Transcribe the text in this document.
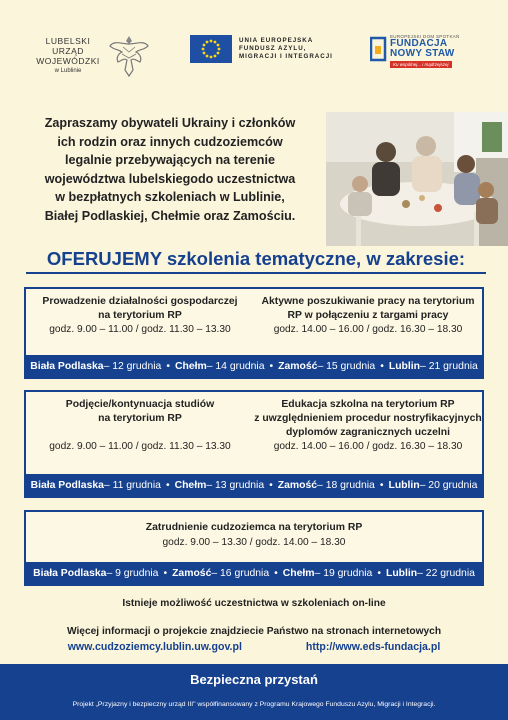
LUBELSKI
URZĄD
WOJEWÓDZKI
w Lublinie
UNIA EUROPEJSKA
FUNDUSZ AZYLU,
MIGRACJI I INTEGRACJI
EUROPEJSKI DOM SPOTKAŃ
FUNDACJA
NOWY STAW
Ku wspólnej... i mądrzejszej
Zapraszamy obywateli Ukrainy i członków
ich rodzin oraz innych cudzoziemców
legalnie przebywających na terenie
województwa lubelskiegodo uczestnictwa
w bezpłatnych szkoleniach w Lublinie,
Białej Podlaskiej, Chełmie oraz Zamościu.
OFERUJEMY szkolenia tematyczne, w zakresie:
Prowadzenie działalności gospodarczej
na terytorium RP
godz. 9.00 – 11.00 / godz. 11.30 – 13.30
Aktywne poszukiwanie pracy na terytorium
RP w połączeniu z targami pracy
godz. 14.00 – 16.00 / godz. 16.30 – 18.30
Biała Podlaska – 12 grudnia • Chełm – 14 grudnia • Zamość – 15 grudnia • Lublin – 21 grudnia
Podjęcie/kontynuacja studiów
na terytorium RP
godz. 9.00 – 11.00 / godz. 11.30 – 13.30
Edukacja szkolna na terytorium RP
z uwzględnieniem procedur nostryfikacyjnych
dyplomów zagranicznych uczelni
godz. 14.00 – 16.00 / godz. 16.30 – 18.30
Biała Podlaska – 11 grudnia • Chełm – 13 grudnia • Zamość – 18 grudnia • Lublin – 20 grudnia
Zatrudnienie cudzoziemca na terytorium RP
godz. 9.00 – 13.30 / godz. 14.00 – 18.30
Biała Podlaska – 9 grudnia • Zamość – 16 grudnia • Chełm – 19 grudnia • Lublin – 22 grudnia
Istnieje możliwość uczestnictwa w szkoleniach on-line
Więcej informacji o projekcie znajdziecie Państwo na stronach internetowych
www.cudzoziemcy.lublin.uw.gov.pl	http://www.eds-fundacja.pl
Bezpieczna przystań
Projekt „Przyjazny i bezpieczny urząd III" współfinansowany z Programu Krajowego Funduszu Azylu, Migracji i Integracji.
